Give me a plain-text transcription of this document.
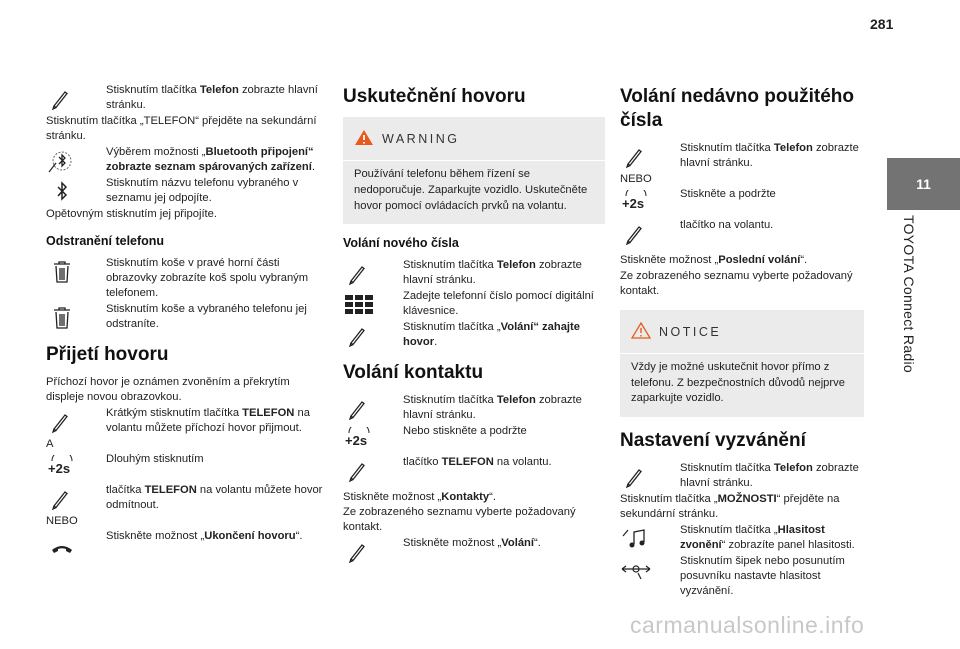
281
11
TOYOTA Connect Radio

Stisknutím tlačítka Telefon zobrazte hlavní stránku.

Stisknutím tlačítka „TELEFON“ přejděte na sekundární stránku.

Výběrem možnosti „Bluetooth připojení“ zobrazte seznam spárovaných zařízení.

Stisknutím názvu telefonu vybraného v seznamu jej odpojíte.

Opětovným stisknutím jej připojíte.

Odstranění telefonu

Stisknutím koše v pravé horní části obrazovky zobrazíte koš spolu vybraným telefonem.

Stisknutím koše a vybraného telefonu jej odstraníte.

Přijetí hovoru

Příchozí hovor je oznámen zvoněním a překrytím displeje novou obrazovkou.

Krátkým stisknutím tlačítka TELEFON na volantu můžete příchozí hovor přijmout.

A

+2s

Dlouhým stisknutím

tlačítka TELEFON na volantu můžete hovor odmítnout.

NEBO

Stiskněte možnost „Ukončení hovoru“.

Uskutečnění hovoru
WARNING

Používání telefonu během řízení se nedoporučuje. Zaparkujte vozidlo. Uskutečněte hovor pomocí ovládacích prvků na volantu.

Volání nového čísla

Stisknutím tlačítka Telefon zobrazte hlavní stránku.

Zadejte telefonní číslo pomocí digitální klávesnice.

Stisknutím tlačítka „Volání“ zahajte hovor.

Volání kontaktu

Stisknutím tlačítka Telefon zobrazte hlavní stránku.

+2s

Nebo stiskněte a podržte

tlačítko TELEFON na volantu.

Stiskněte možnost „Kontakty“.

Ze zobrazeného seznamu vyberte požadovaný kontakt.

Stiskněte možnost „Volání“.

Volání nedávno použitého čísla

Stisknutím tlačítka Telefon zobrazte hlavní stránku.

NEBO

+2s

Stiskněte a podržte

tlačítko na volantu.

Stiskněte možnost „Poslední volání“.

Ze zobrazeného seznamu vyberte požadovaný kontakt.

NOTICE

Vždy je možné uskutečnit hovor přímo z telefonu. Z bezpečnostních důvodů nejprve zaparkujte vozidlo.

Nastavení vyzvánění

Stisknutím tlačítka Telefon zobrazte hlavní stránku.

Stisknutím tlačítka „MOŽNOSTI“ přejděte na sekundární stránku.

Stisknutím tlačítka „Hlasitost zvonění“ zobrazíte panel hlasitosti.

Stisknutím šipek nebo posunutím posuvníku nastavte hlasitost vyzvánění.

carmanualsonline.info
